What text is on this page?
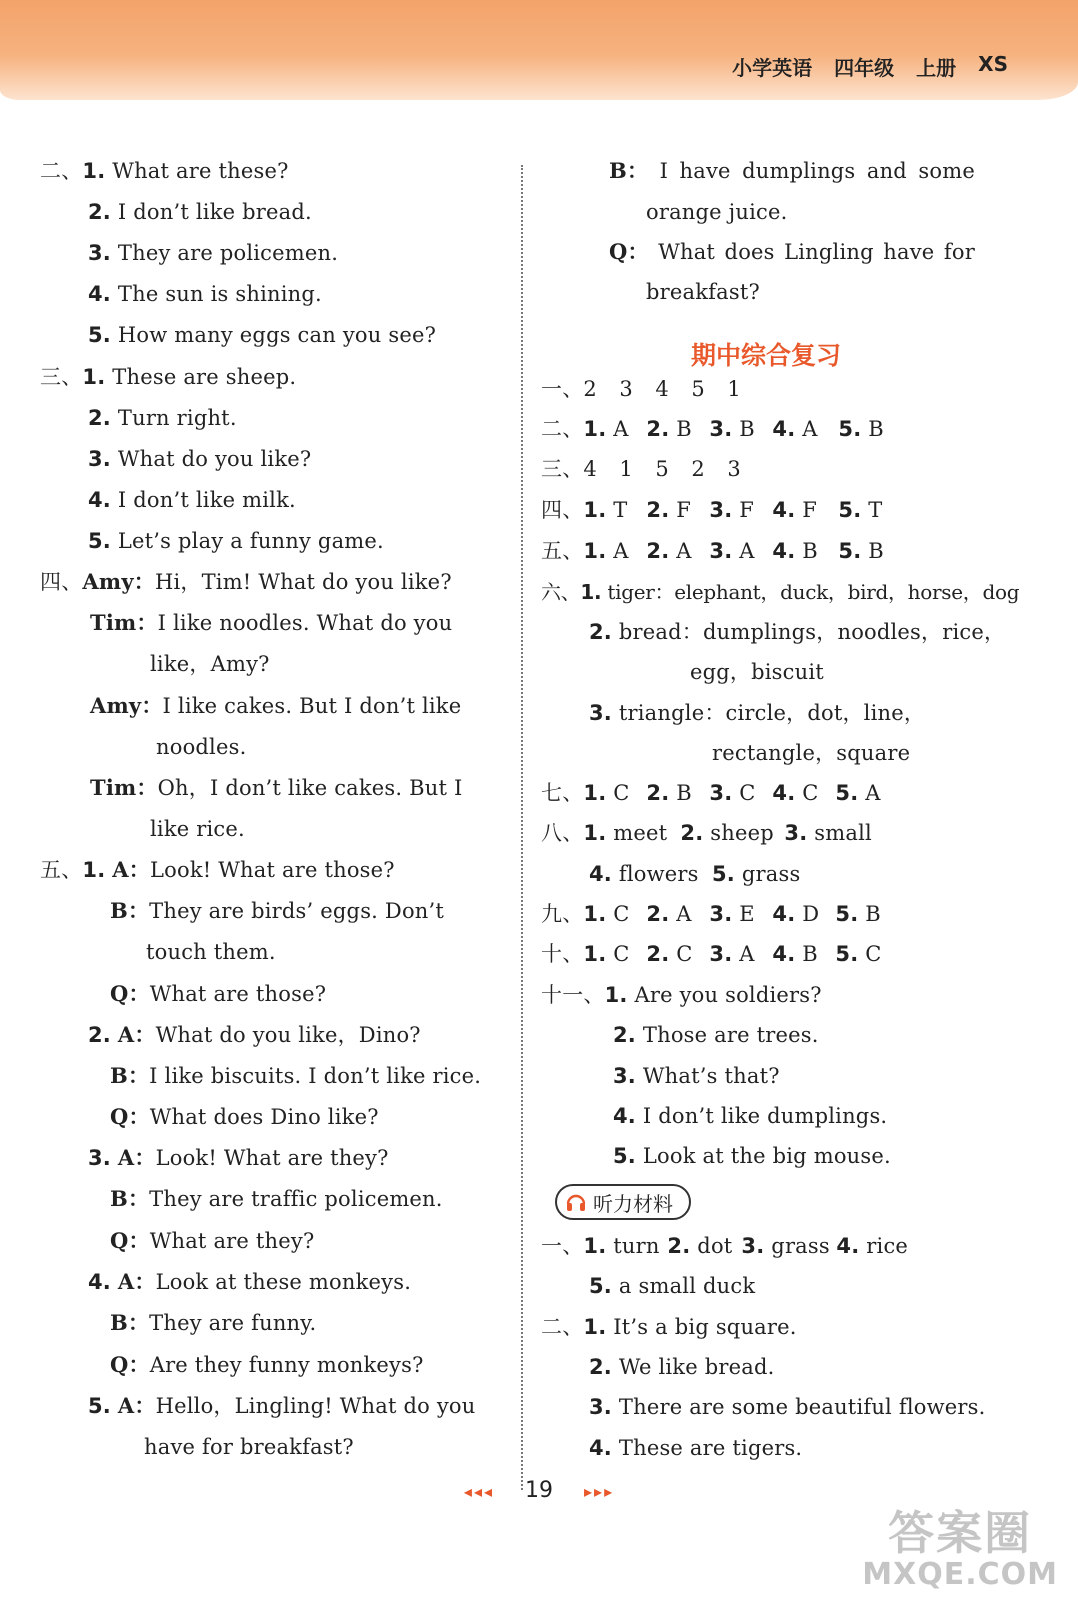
小学英语 四年级 上册 XS
二、1. What are these?
2. I don’t like bread.
3. They are policemen.
4. The sun is shining.
5. How many eggs can you see?
三、1. These are sheep.
2. Turn right.
3. What do you like?
4. I don’t like milk.
5. Let’s play a funny game.
四、Amy：Hi，Tim! What do you like?
Tim：I like noodles. What do you
like，Amy?
Amy：I like cakes. But I don’t like
noodles.
Tim：Oh，I don’t like cakes. But I
like rice.
五、1. A：Look! What are those?
B：They are birds’ eggs. Don’t
touch them.
Q：What are those?
2. A：What do you like，Dino?
B：I like biscuits. I don’t like rice.
Q：What does Dino like?
3. A：Look! What are they?
B：They are traffic policemen.
Q：What are they?
4. A：Look at these monkeys.
B：They are funny.
Q：Are they funny monkeys?
5. A：Hello，Lingling! What do you
have for breakfast?
B： I have dumplings and some
orange juice.
Q： What does Lingling have for
breakfast?
期中综合复习
一、2 3 4 5 1
二、1. A 2. B 3. B 4. A 5. B
三、4 1 5 2 3
四、1. T 2. F 3. F 4. F 5. T
五、1. A 2. A 3. A 4. B 5. B
六、1. tiger：elephant，duck，bird，horse，dog
2. bread：dumplings，noodles，rice，
egg，biscuit
3. triangle：circle，dot，line，
rectangle，square
七、1. C 2. B 3. C 4. C 5. A
八、1. meet 2. sheep 3. small
4. flowers 5. grass
九、1. C 2. A 3. E 4. D 5. B
十、1. C 2. C 3. A 4. B 5. C
十一、1. Are you soldiers?
2. Those are trees.
3. What’s that?
4. I don’t like dumplings.
5. Look at the big mouse.
听力材料
一、1. turn 2. dot 3. grass 4. rice
5. a small duck
二、1. It’s a big square.
2. We like bread.
3. There are some beautiful flowers.
4. These are tigers.
◂◂◂ 19 ▸▸▸
答案圈
MXQE.COM
